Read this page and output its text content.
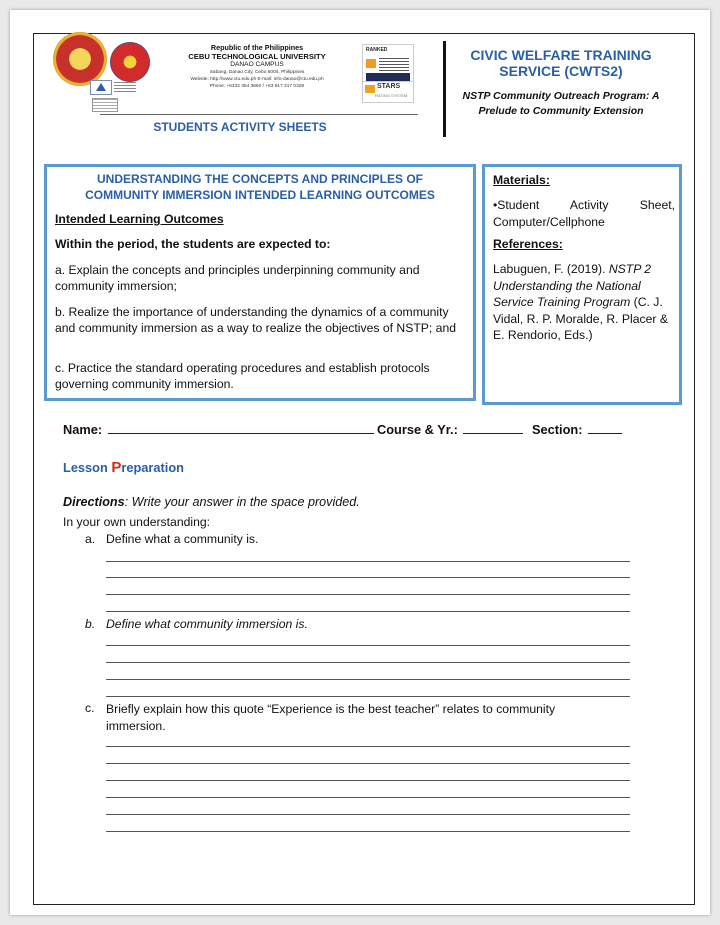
Republic of the Philippines
CEBU TECHNOLOGICAL UNIVERSITY
DANAO CAMPUS
Sabang, Danao City, Cebu 6004, Philippines
Website: http://www.ctu.edu.ph E-mail: info-danao@ctu.edu.ph
Phone: +6332 354 3660 / +63 917 317 0329
RANKED
STARS
RATING SYSTEM
STUDENTS ACTIVITY SHEETS
CIVIC WELFARE TRAINING SERVICE (CWTS2)
NSTP Community Outreach Program: A Prelude to Community Extension
UNDERSTANDING THE CONCEPTS AND PRINCIPLES OF COMMUNITY IMMERSION INTENDED LEARNING OUTCOMES
Intended Learning Outcomes
Within the period, the students are expected to:
a. Explain the concepts and principles underpinning community and community immersion;
b. Realize the importance of understanding the dynamics of a community and community immersion as a way to realize the objectives of NSTP; and
c. Practice the standard operating procedures and establish protocols governing community immersion.
Materials:
•Student Activity Sheet, Computer/Cellphone
References:
Labuguen, F. (2019). NSTP 2 Understanding the National Service Training Program (C. J. Vidal, R. P. Moralde, R. Placer & E. Rendorio, Eds.)
Name:	Course & Yr.:	Section:
Lesson Preparation
Directions: Write your answer in the space provided.
In your own understanding:
a. Define what a community is.
b. Define what community immersion is.
c. Briefly explain how this quote “Experience is the best teacher” relates to community immersion.
